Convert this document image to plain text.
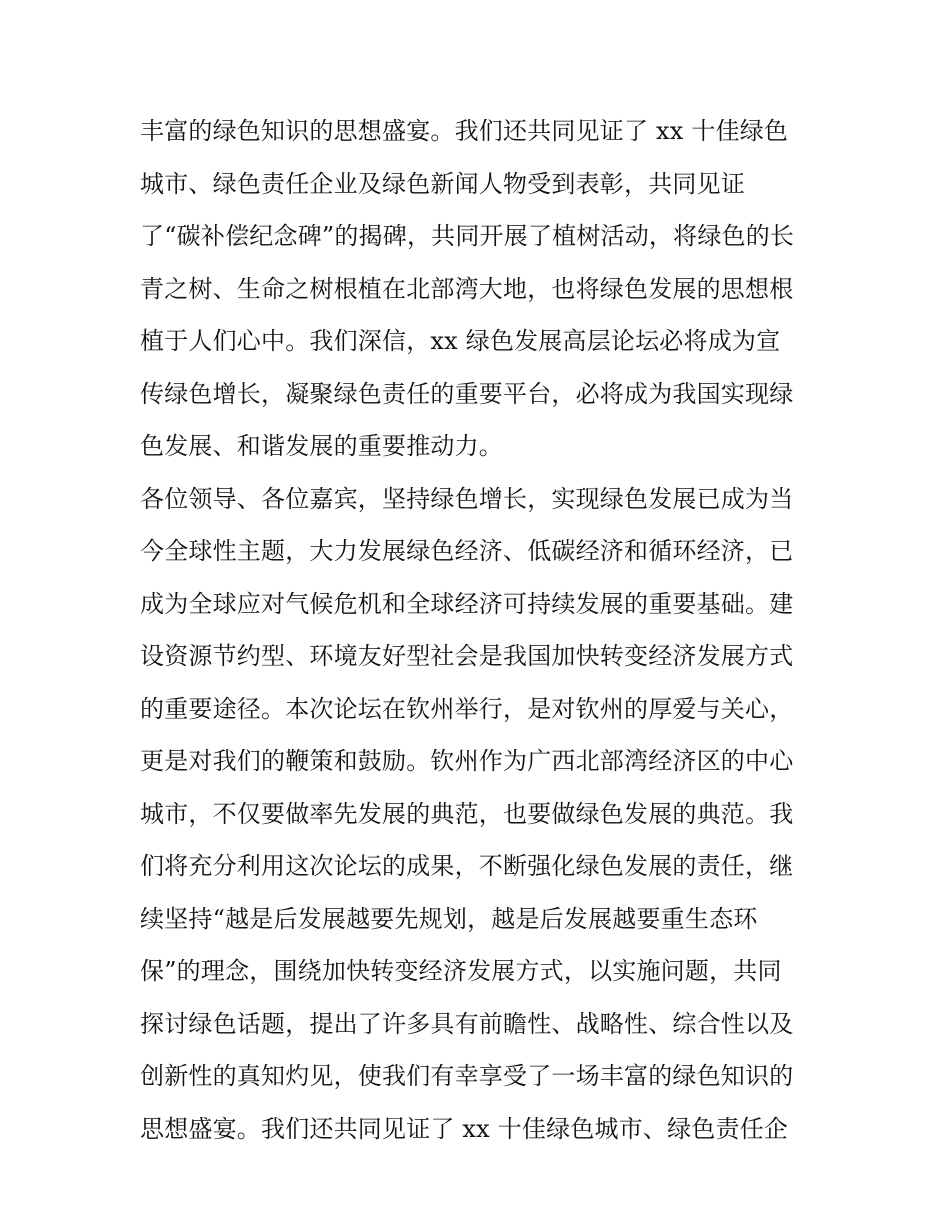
丰富的绿色知识的思想盛宴。我们还共同见证了 xx 十佳绿色
城市、绿色责任企业及绿色新闻人物受到表彰，共同见证
了“碳补偿纪念碑”的揭碑，共同开展了植树活动，将绿色的长
青之树、生命之树根植在北部湾大地，也将绿色发展的思想根
植于人们心中。我们深信，xx 绿色发展高层论坛必将成为宣
传绿色增长，凝聚绿色责任的重要平台，必将成为我国实现绿
色发展、和谐发展的重要推动力。
各位领导、各位嘉宾，坚持绿色增长，实现绿色发展已成为当
今全球性主题，大力发展绿色经济、低碳经济和循环经济，已
成为全球应对气候危机和全球经济可持续发展的重要基础。建
设资源节约型、环境友好型社会是我国加快转变经济发展方式
的重要途径。本次论坛在钦州举行，是对钦州的厚爱与关心，
更是对我们的鞭策和鼓励。钦州作为广西北部湾经济区的中心
城市，不仅要做率先发展的典范，也要做绿色发展的典范。我
们将充分利用这次论坛的成果，不断强化绿色发展的责任，继
续坚持“越是后发展越要先规划，越是后发展越要重生态环
保”的理念，围绕加快转变经济发展方式，以实施问题，共同
探讨绿色话题，提出了许多具有前瞻性、战略性、综合性以及
创新性的真知灼见，使我们有幸享受了一场丰富的绿色知识的
思想盛宴。我们还共同见证了 xx 十佳绿色城市、绿色责任企
